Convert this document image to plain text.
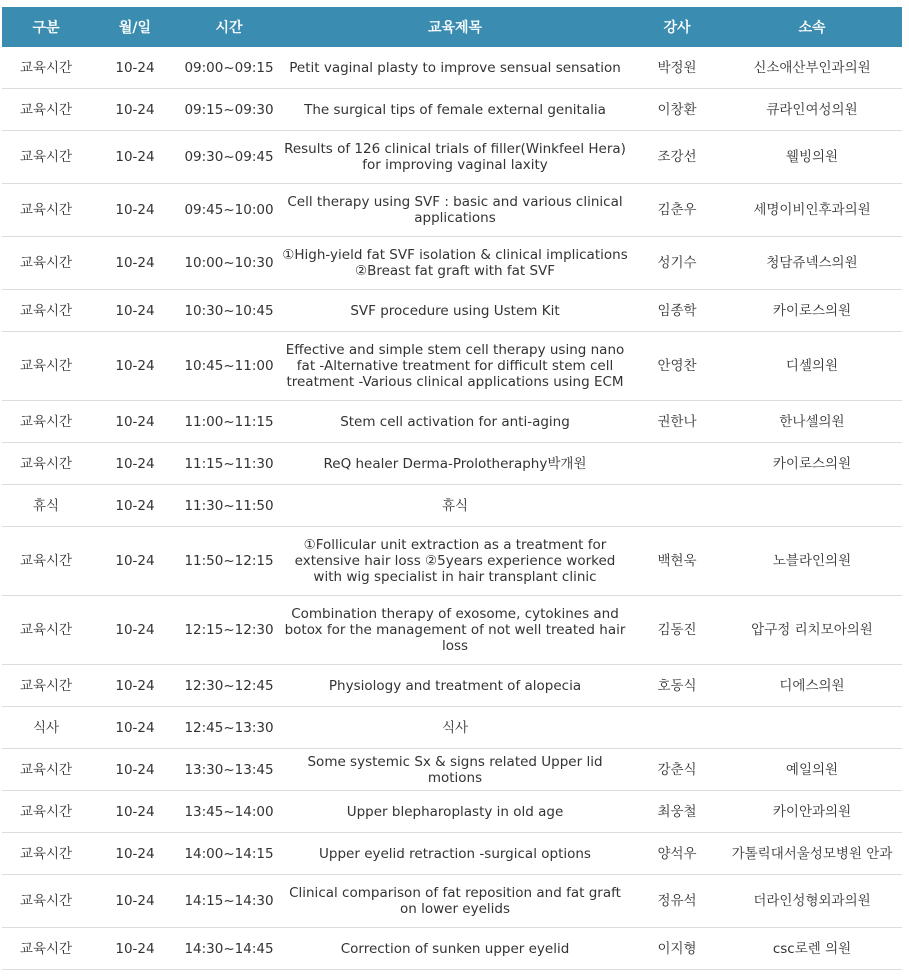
구분	월/일	시간	교육제목	강사	소속
교육시간	10-24	09:00~09:15	Petit vaginal plasty to improve sensual sensation	박정원	신소애산부인과의원
교육시간	10-24	09:15~09:30	The surgical tips of female external genitalia	이창환	큐라인여성의원
교육시간	10-24	09:30~09:45	Results of 126 clinical trials of filler(Winkfeel Hera) for improving vaginal laxity	조강선	웰빙의원
교육시간	10-24	09:45~10:00	Cell therapy using SVF : basic and various clinical applications	김춘우	세명이비인후과의원
교육시간	10-24	10:00~10:30	①High-yield fat SVF isolation & clinical implications ②Breast fat graft with fat SVF	성기수	청담쥬넥스의원
교육시간	10-24	10:30~10:45	SVF procedure using Ustem Kit	임종학	카이로스의원
교육시간	10-24	10:45~11:00	Effective and simple stem cell therapy using nano fat -Alternative treatment for difficult stem cell treatment -Various clinical applications using ECM	안영찬	디셀의원
교육시간	10-24	11:00~11:15	Stem cell activation for anti-aging	권한나	한나셀의원
교육시간	10-24	11:15~11:30	ReQ healer Derma-Prolotheraphy박개원		카이로스의원
휴식	10-24	11:30~11:50	휴식		
교육시간	10-24	11:50~12:15	①Follicular unit extraction as a treatment for extensive hair loss ②5years experience worked with wig specialist in hair transplant clinic	백현욱	노블라인의원
교육시간	10-24	12:15~12:30	Combination therapy of exosome, cytokines and botox for the management of not well treated hair loss	김동진	압구정 리치모아의원
교육시간	10-24	12:30~12:45	Physiology and treatment of alopecia	호동식	디에스의원
식사	10-24	12:45~13:30	식사		
교육시간	10-24	13:30~13:45	Some systemic Sx & signs related Upper lid motions	강춘식	예일의원
교육시간	10-24	13:45~14:00	Upper blepharoplasty in old age	최웅철	카이안과의원
교육시간	10-24	14:00~14:15	Upper eyelid retraction -surgical options	양석우	가톨릭대서울성모병원 안과
교육시간	10-24	14:15~14:30	Clinical comparison of fat reposition and fat graft on lower eyelids	정유석	더라인성형외과의원
교육시간	10-24	14:30~14:45	Correction of sunken upper eyelid	이지형	csc로렌 의원
